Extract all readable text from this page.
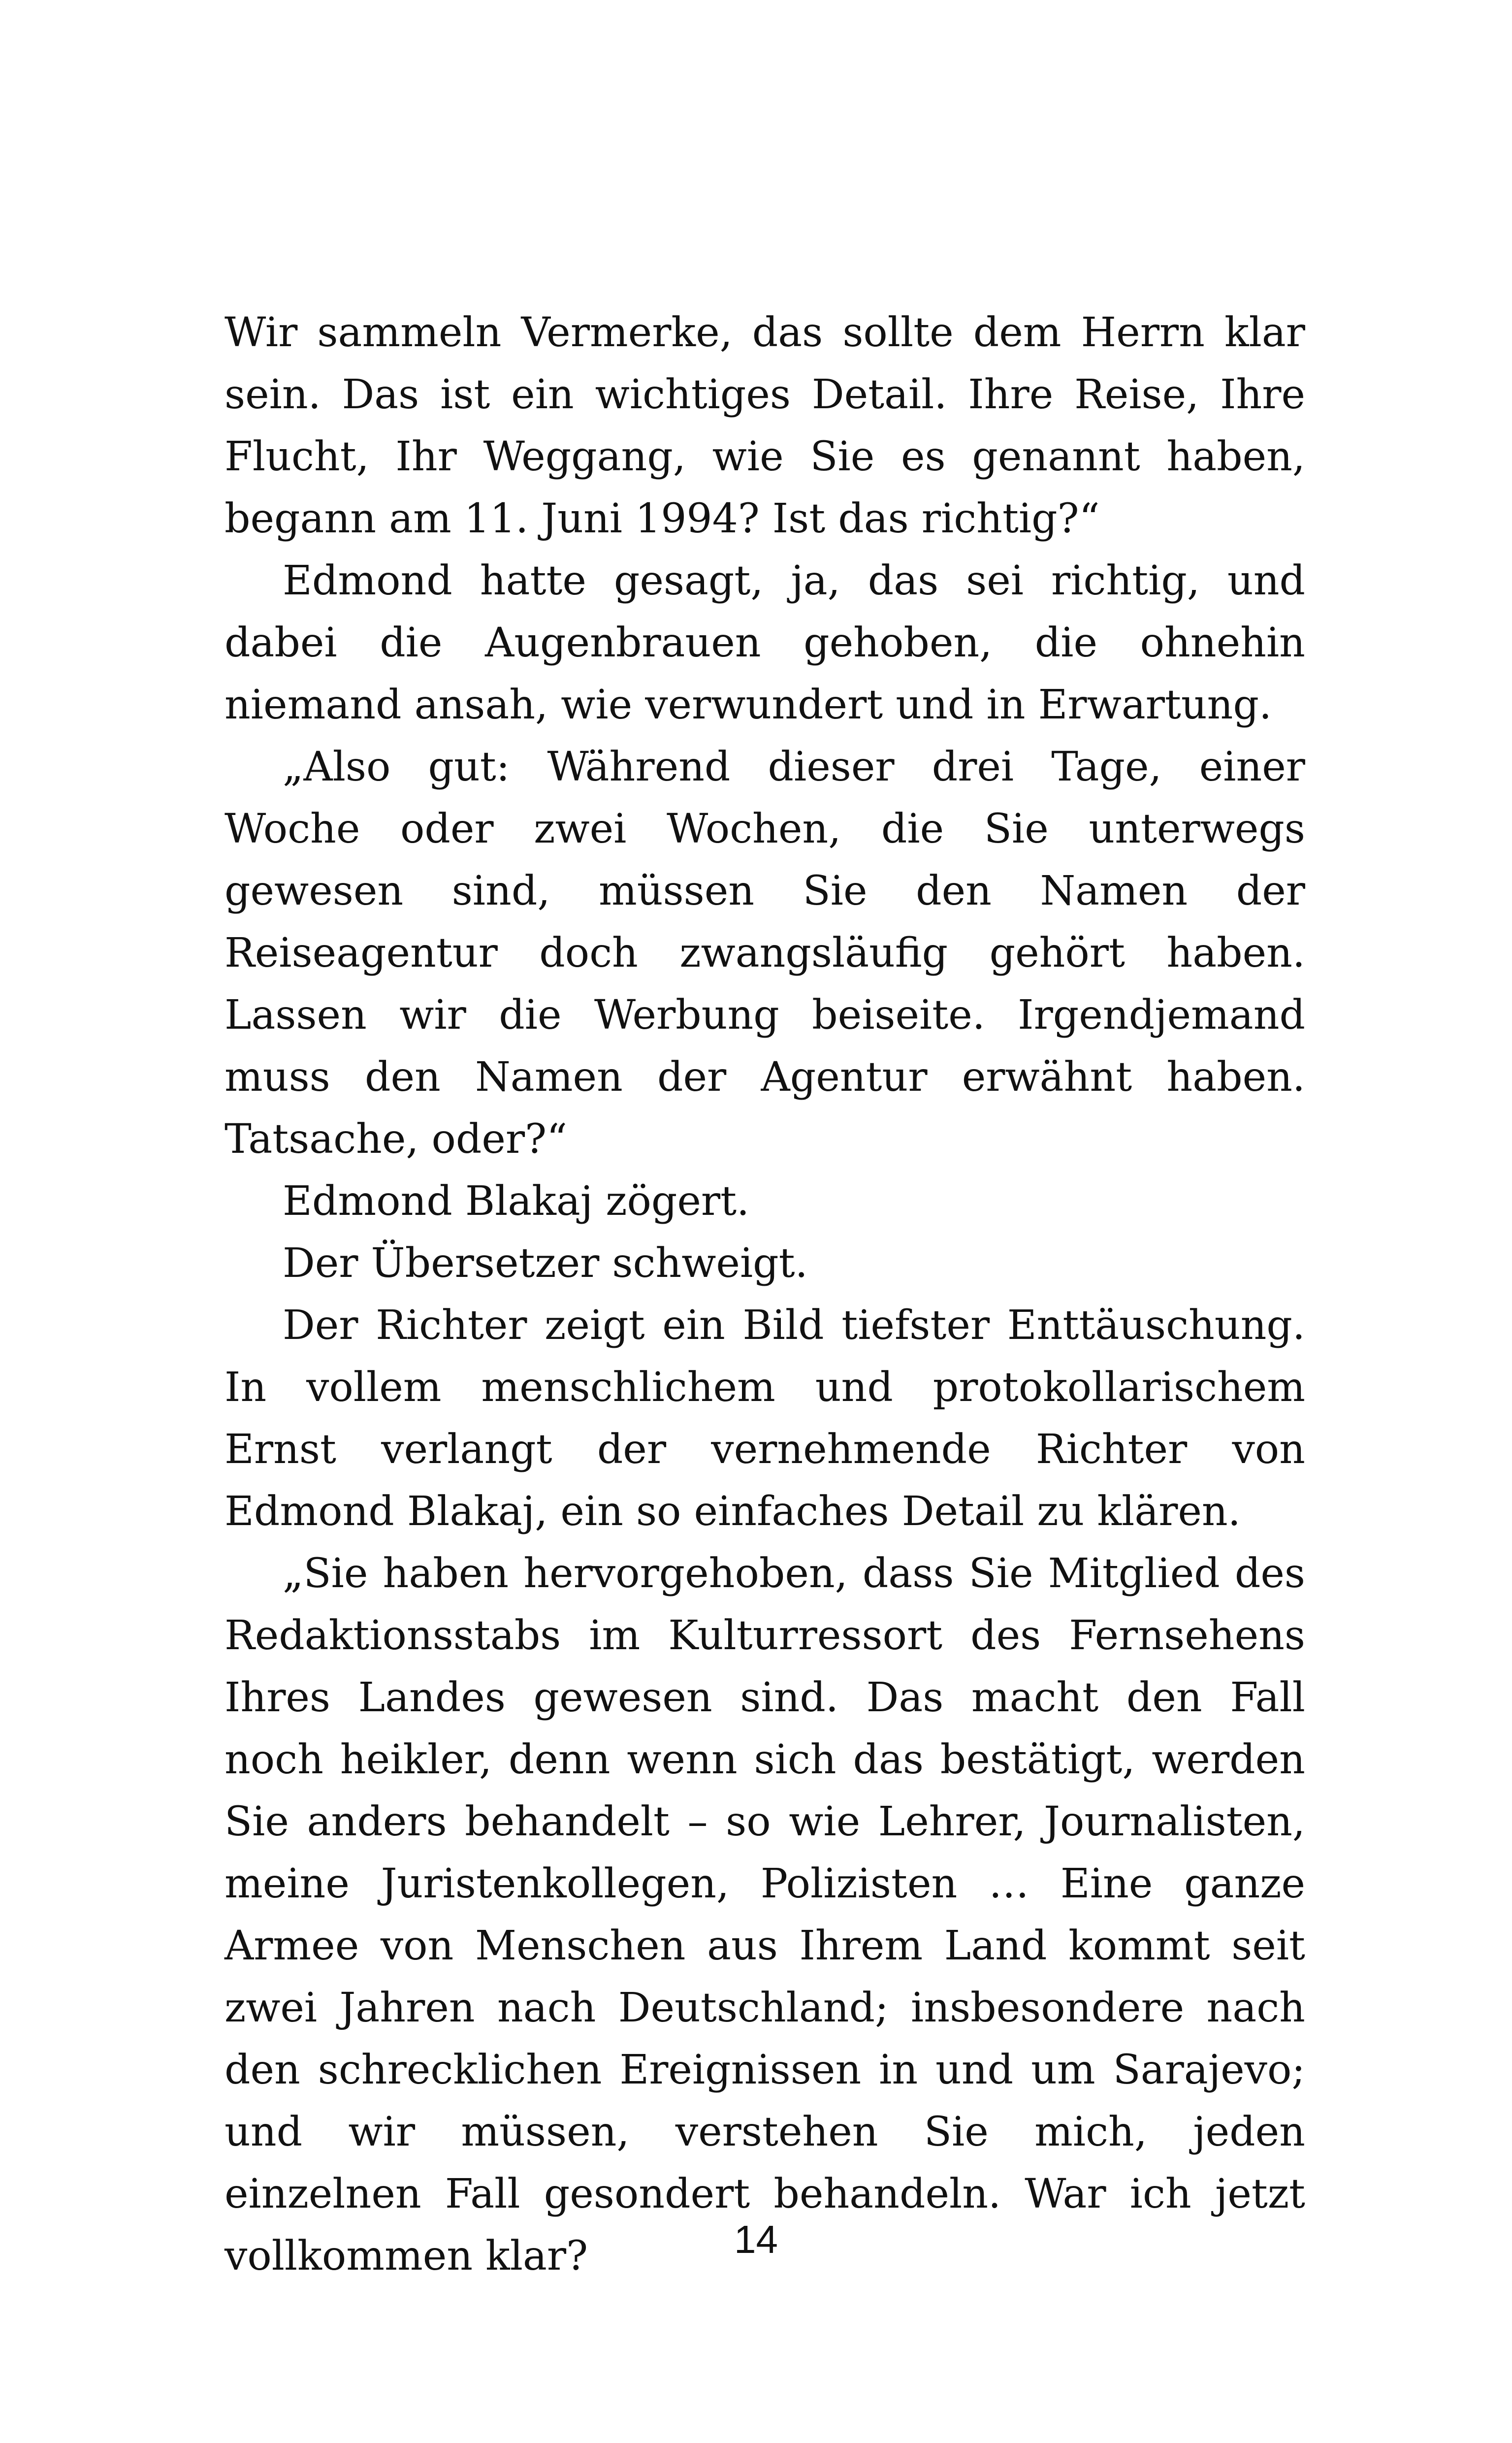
Wir sammeln Vermerke, das sollte dem Herrn klar sein. Das ist ein wichtiges Detail. Ihre Reise, Ihre Flucht, Ihr Weggang, wie Sie es genannt haben, begann am 11. Juni 1994? Ist das richtig?“

Edmond hatte gesagt, ja, das sei richtig, und dabei die Augenbrauen gehoben, die ohnehin niemand ansah, wie verwundert und in Erwartung.

„Also gut: Während dieser drei Tage, einer Woche oder zwei Wochen, die Sie unterwegs gewesen sind, müssen Sie den Namen der Reiseagentur doch zwangsläufig gehört haben. Lassen wir die Werbung beiseite. Irgendjemand muss den Namen der Agentur erwähnt haben. Tatsache, oder?“

Edmond Blakaj zögert.

Der Übersetzer schweigt.

Der Richter zeigt ein Bild tiefster Enttäuschung. In vollem menschlichem und protokollarischem Ernst verlangt der vernehmende Richter von Edmond Blakaj, ein so einfaches Detail zu klären.

„Sie haben hervorgehoben, dass Sie Mitglied des Redaktionsstabs im Kulturressort des Fernsehens Ihres Landes gewesen sind. Das macht den Fall noch heikler, denn wenn sich das bestätigt, werden Sie anders behandelt – so wie Lehrer, Journalisten, meine Juristenkollegen, Polizisten … Eine ganze Armee von Menschen aus Ihrem Land kommt seit zwei Jahren nach Deutschland; insbesondere nach den schrecklichen Ereignissen in und um Sarajevo; und wir müssen, verstehen Sie mich, jeden einzelnen Fall gesondert behandeln. War ich jetzt vollkommen klar?	14
